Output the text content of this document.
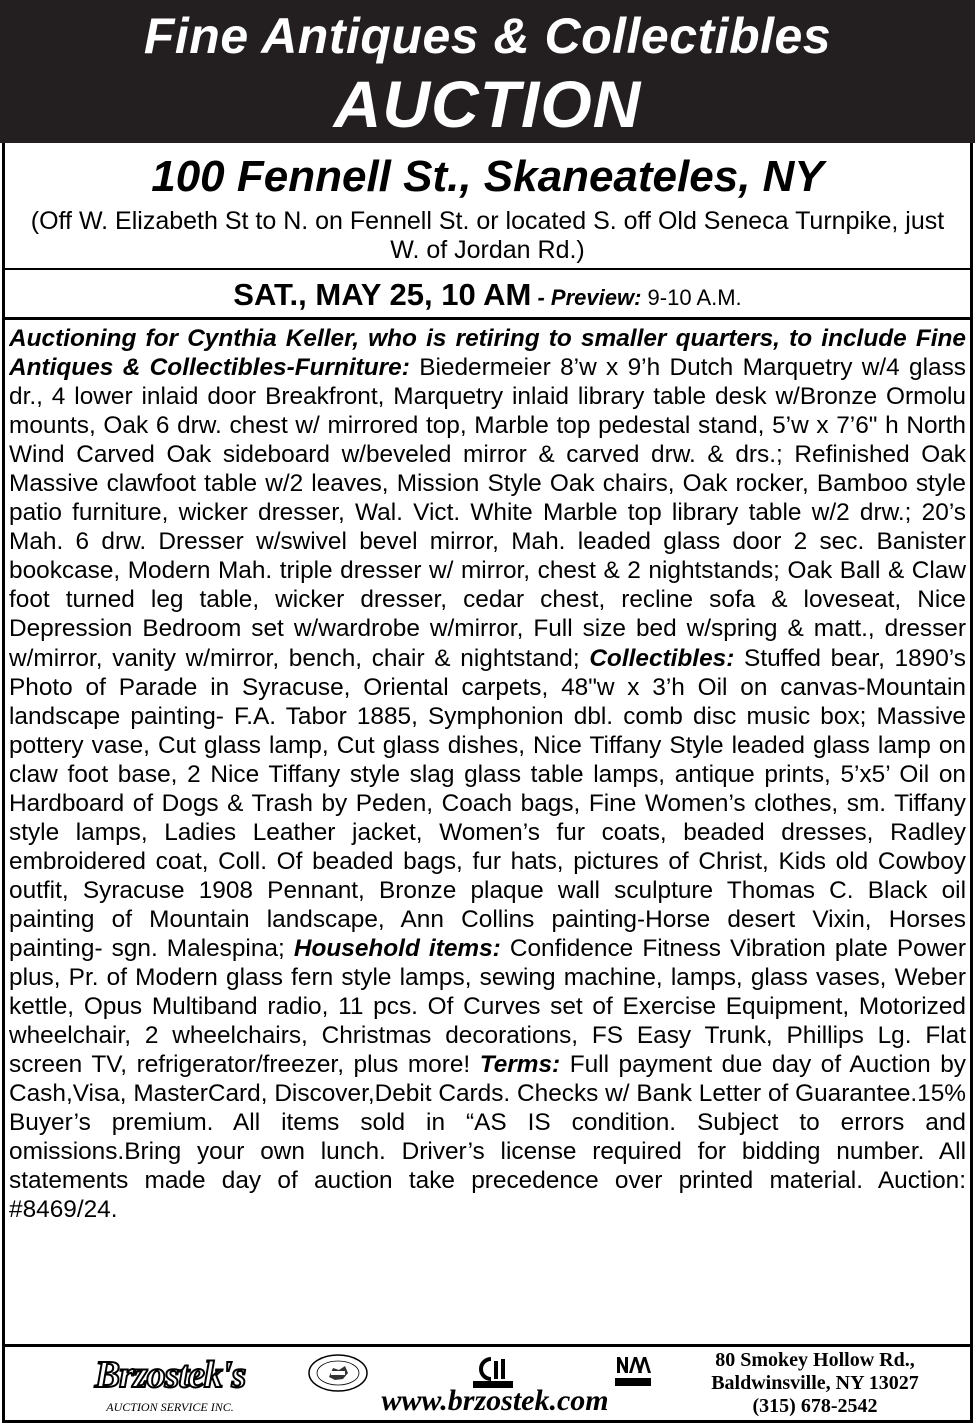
Fine Antiques & Collectibles
AUCTION
100 Fennell St., Skaneateles, NY
(Off W. Elizabeth St to N. on Fennell St. or located S. off Old Seneca Turnpike, just W. of Jordan Rd.)
SAT., MAY 25, 10 AM - Preview: 9-10 A.M.
Auctioning for Cynthia Keller, who is retiring to smaller quarters, to include Fine Antiques & Collectibles-Furniture: Biedermeier 8’w x 9’h Dutch Marquetry w/4 glass dr., 4 lower inlaid door Breakfront, Marquetry inlaid library table desk w/Bronze Ormolu mounts, Oak 6 drw. chest w/ mirrored top, Marble top pedestal stand, 5’w x 7’6" h North Wind Carved Oak sideboard w/beveled mirror & carved drw. & drs.; Refinished Oak Massive clawfoot table w/2 leaves, Mission Style Oak chairs, Oak rocker, Bamboo style patio furniture, wicker dresser, Wal. Vict. White Marble top library table w/2 drw.; 20’s Mah. 6 drw. Dresser w/swivel bevel mirror, Mah. leaded glass door 2 sec. Banister bookcase, Modern Mah. triple dresser w/ mirror, chest & 2 nightstands; Oak Ball & Claw foot turned leg table, wicker dresser, cedar chest, recline sofa & loveseat, Nice Depression Bedroom set w/wardrobe w/mirror, Full size bed w/spring & matt., dresser w/mirror, vanity w/mirror, bench, chair & nightstand; Collectibles: Stuffed bear, 1890’s Photo of Parade in Syracuse, Oriental carpets, 48"w x 3’h Oil on canvas-Mountain landscape painting- F.A. Tabor 1885, Symphonion dbl. comb disc music box; Massive pottery vase, Cut glass lamp, Cut glass dishes, Nice Tiffany Style leaded glass lamp on claw foot base, 2 Nice Tiffany style slag glass table lamps, antique prints, 5’x5’ Oil on Hardboard of Dogs & Trash by Peden, Coach bags, Fine Women’s clothes, sm. Tiffany style lamps, Ladies Leather jacket, Women’s fur coats, beaded dresses, Radley embroidered coat, Coll. Of beaded bags, fur hats, pictures of Christ, Kids old Cowboy outfit, Syracuse 1908 Pennant, Bronze plaque wall sculpture Thomas C. Black oil painting of Mountain landscape, Ann Collins painting-Horse desert Vixin, Horses painting- sgn. Malespina; Household items: Confidence Fitness Vibration plate Power plus, Pr. of Modern glass fern style lamps, sewing machine, lamps, glass vases, Weber kettle, Opus Multiband radio, 11 pcs. Of Curves set of Exercise Equipment, Motorized wheelchair, 2 wheelchairs, Christmas decorations, FS Easy Trunk, Phillips Lg. Flat screen TV, refrigerator/freezer, plus more! Terms: Full payment due day of Auction by Cash,Visa, MasterCard, Discover,Debit Cards. Checks w/ Bank Letter of Guarantee.15% Buyer’s premium. All items sold in “AS IS condition. Subject to errors and omissions.Bring your own lunch. Driver’s license required for bidding number. All statements made day of auction take precedence over printed material. Auction: #8469/24.
Brzostek's
AUCTION SERVICE INC.	www.brzostek.com
80 Smokey Hollow Rd.,
Baldwinsville, NY 13027
(315) 678-2542
